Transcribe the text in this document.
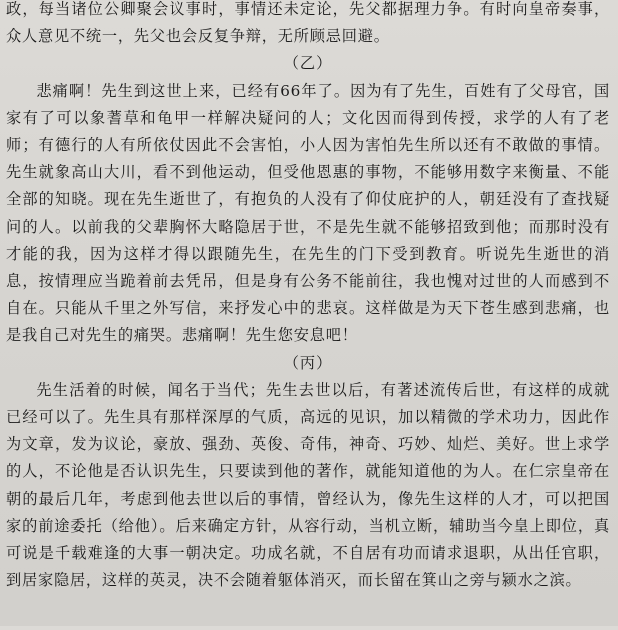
政，每当诸位公卿聚会议事时，事情还未定论，先父都据理力争。有时向皇帝奏事，众人意见不统一，先父也会反复争辩，无所顾忌回避。

（乙）

悲痛啊！先生到这世上来，已经有66年了。因为有了先生，百姓有了父母官，国家有了可以象蓍草和龟甲一样解决疑问的人；文化因而得到传授，求学的人有了老师；有德行的人有所依仗因此不会害怕，小人因为害怕先生所以还有不敢做的事情。先生就象高山大川，看不到他运动，但受他恩惠的事物，不能够用数字来衡量、不能全部的知晓。现在先生逝世了，有抱负的人没有了仰仗庇护的人，朝廷没有了查找疑问的人。以前我的父辈胸怀大略隐居于世，不是先生就不能够招致到他；而那时没有才能的我，因为这样才得以跟随先生，在先生的门下受到教育。听说先生逝世的消息，按情理应当跪着前去凭吊，但是身有公务不能前往，我也愧对过世的人而感到不自在。只能从千里之外写信，来抒发心中的悲哀。这样做是为天下苍生感到悲痛，也是我自己对先生的痛哭。悲痛啊！先生您安息吧！

（丙）

先生活着的时候，闻名于当代；先生去世以后，有著述流传后世，有这样的成就已经可以了。先生具有那样深厚的气质，高远的见识，加以精微的学术功力，因此作为文章，发为议论，豪放、强劲、英俊、奇伟，神奇、巧妙、灿烂、美好。世上求学的人，不论他是否认识先生，只要读到他的著作，就能知道他的为人。在仁宗皇帝在朝的最后几年，考虑到他去世以后的事情，曾经认为，像先生这样的人才，可以把国家的前途委托（给他）。后来确定方针，从容行动，当机立断，辅助当今皇上即位，真可说是千载难逢的大事一朝决定。功成名就，不自居有功而请求退职，从出任官职，到居家隐居，这样的英灵，决不会随着躯体消灭，而长留在箕山之旁与颍水之滨。
